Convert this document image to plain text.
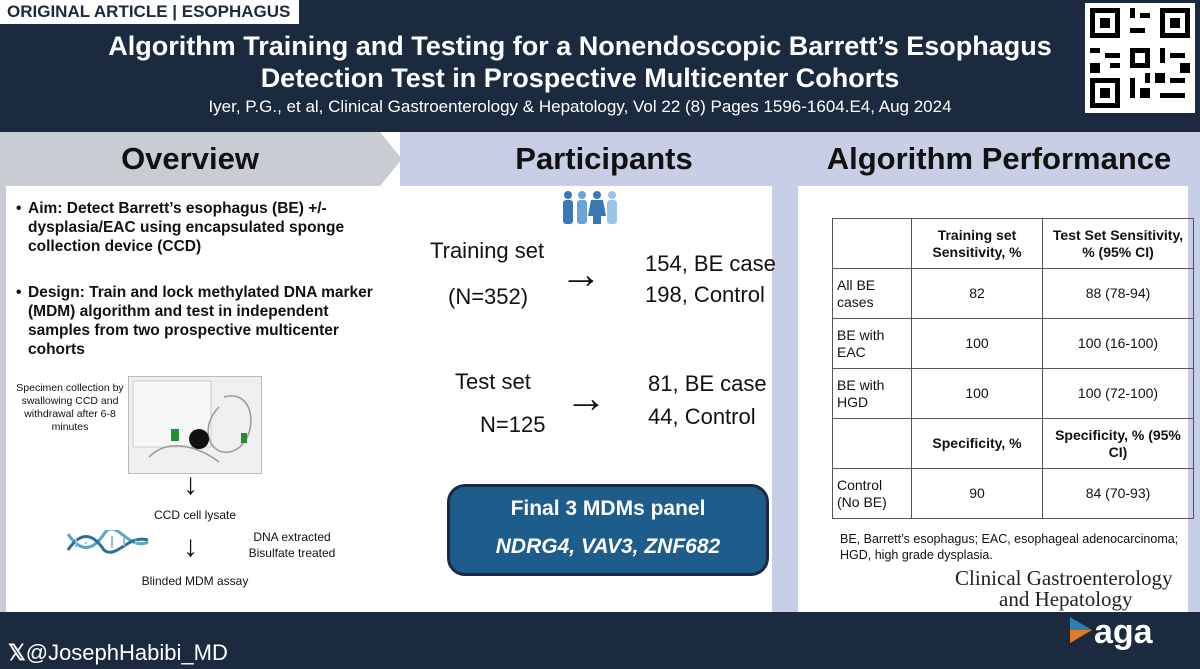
ORIGINAL ARTICLE | ESOPHAGUS
Algorithm Training and Testing for a Nonendoscopic Barrett’s Esophagus
Detection Test in Prospective Multicenter Cohorts
Iyer, P.G., et al, Clinical Gastroenterology & Hepatology, Vol 22 (8) Pages 1596-1604.E4, Aug 2024
Overview	Participants	Algorithm Performance
• Aim: Detect Barrett’s esophagus (BE) +/- dysplasia/EAC using encapsulated sponge collection device (CCD)
• Design: Train and lock methylated DNA marker (MDM) algorithm and test in independent samples from two prospective multicenter cohorts
Specimen collection by swallowing CCD and withdrawal after 6-8 minutes
↓
CCD cell lysate
↓	DNA extracted
Bisulfate treated
Blinded MDM assay
Training set
(N=352) → 154, BE case
198, Control
Test set
N=125
→ 81, BE case
44, Control
Final 3 MDMs panel
NDRG4, VAV3, ZNF682
	Training set Sensitivity, %	Test Set Sensitivity, % (95% CI)
All BE cases	82	88 (78-94)
BE with EAC	100	100 (16-100)
BE with HGD	100	100 (72-100)
	Specificity, %	Specificity, % (95% CI)
Control (No BE)	90	84 (70-93)
BE, Barrett’s esophagus; EAC, esophageal adenocarcinoma; HGD, high grade dysplasia.
Clinical Gastroenterology
and Hepatology
𝕏@JosephHabibi_MD
aga
